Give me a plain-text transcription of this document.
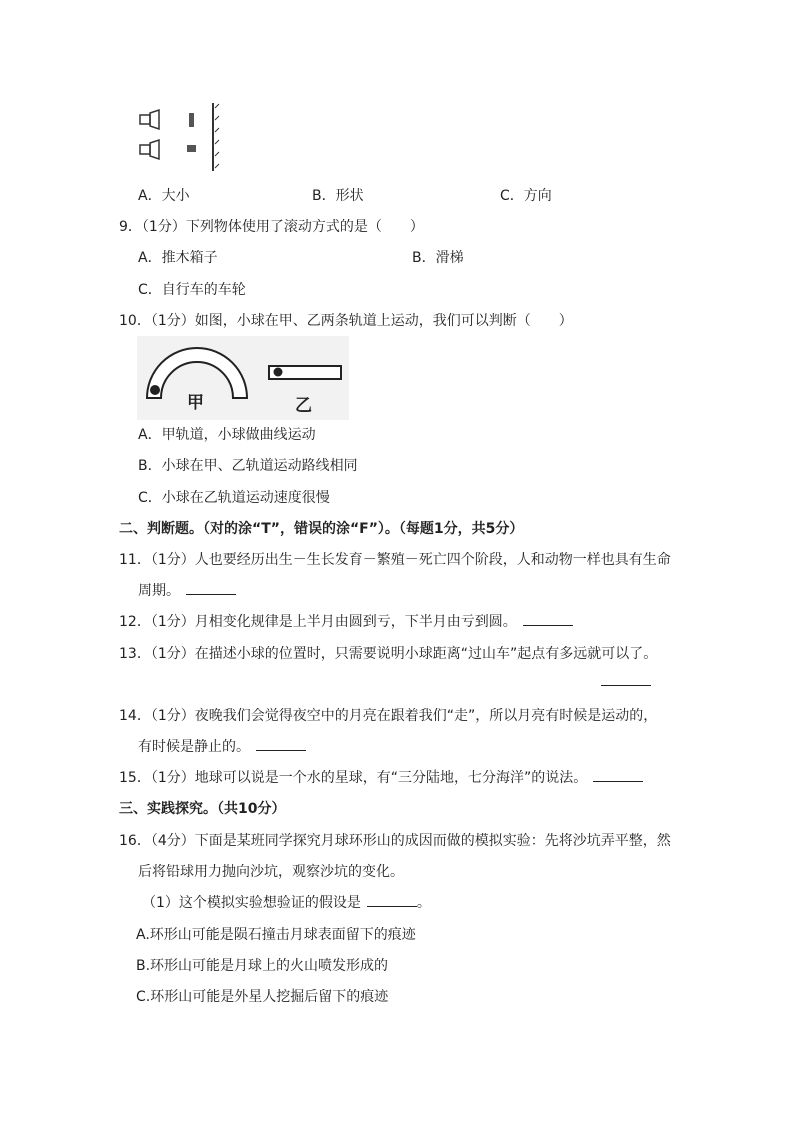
A．大小	B．形状	C．方向
9．（1分）下列物体使用了滚动方式的是（　　）
A．推木箱子	B．滑梯
C．自行车的车轮
10．（1分）如图，小球在甲、乙两条轨道上运动，我们可以判断（　　）
甲	乙
A．甲轨道，小球做曲线运动
B．小球在甲、乙轨道运动路线相同
C．小球在乙轨道运动速度很慢
二、判断题。（对的涂“T”，错误的涂“F”）。（每题1分，共5分）
11．（1分）人也要经历出生－生长发育－繁殖－死亡四个阶段，人和动物一样也具有生命
周期。
12．（1分）月相变化规律是上半月由圆到亏，下半月由亏到圆。
13．（1分）在描述小球的位置时，只需要说明小球距离“过山车”起点有多远就可以了。
14．（1分）夜晚我们会觉得夜空中的月亮在跟着我们“走”，所以月亮有时候是运动的，
有时候是静止的。
15．（1分）地球可以说是一个水的星球，有“三分陆地，七分海洋”的说法。
三、实践探究。（共10分）
16．（4分）下面是某班同学探究月球环形山的成因而做的模拟实验：先将沙坑弄平整，然
后将铅球用力抛向沙坑，观察沙坑的变化。
（1）这个模拟实验想验证的假设是	。
A.环形山可能是陨石撞击月球表面留下的痕迹
B.环形山可能是月球上的火山喷发形成的
C.环形山可能是外星人挖掘后留下的痕迹
